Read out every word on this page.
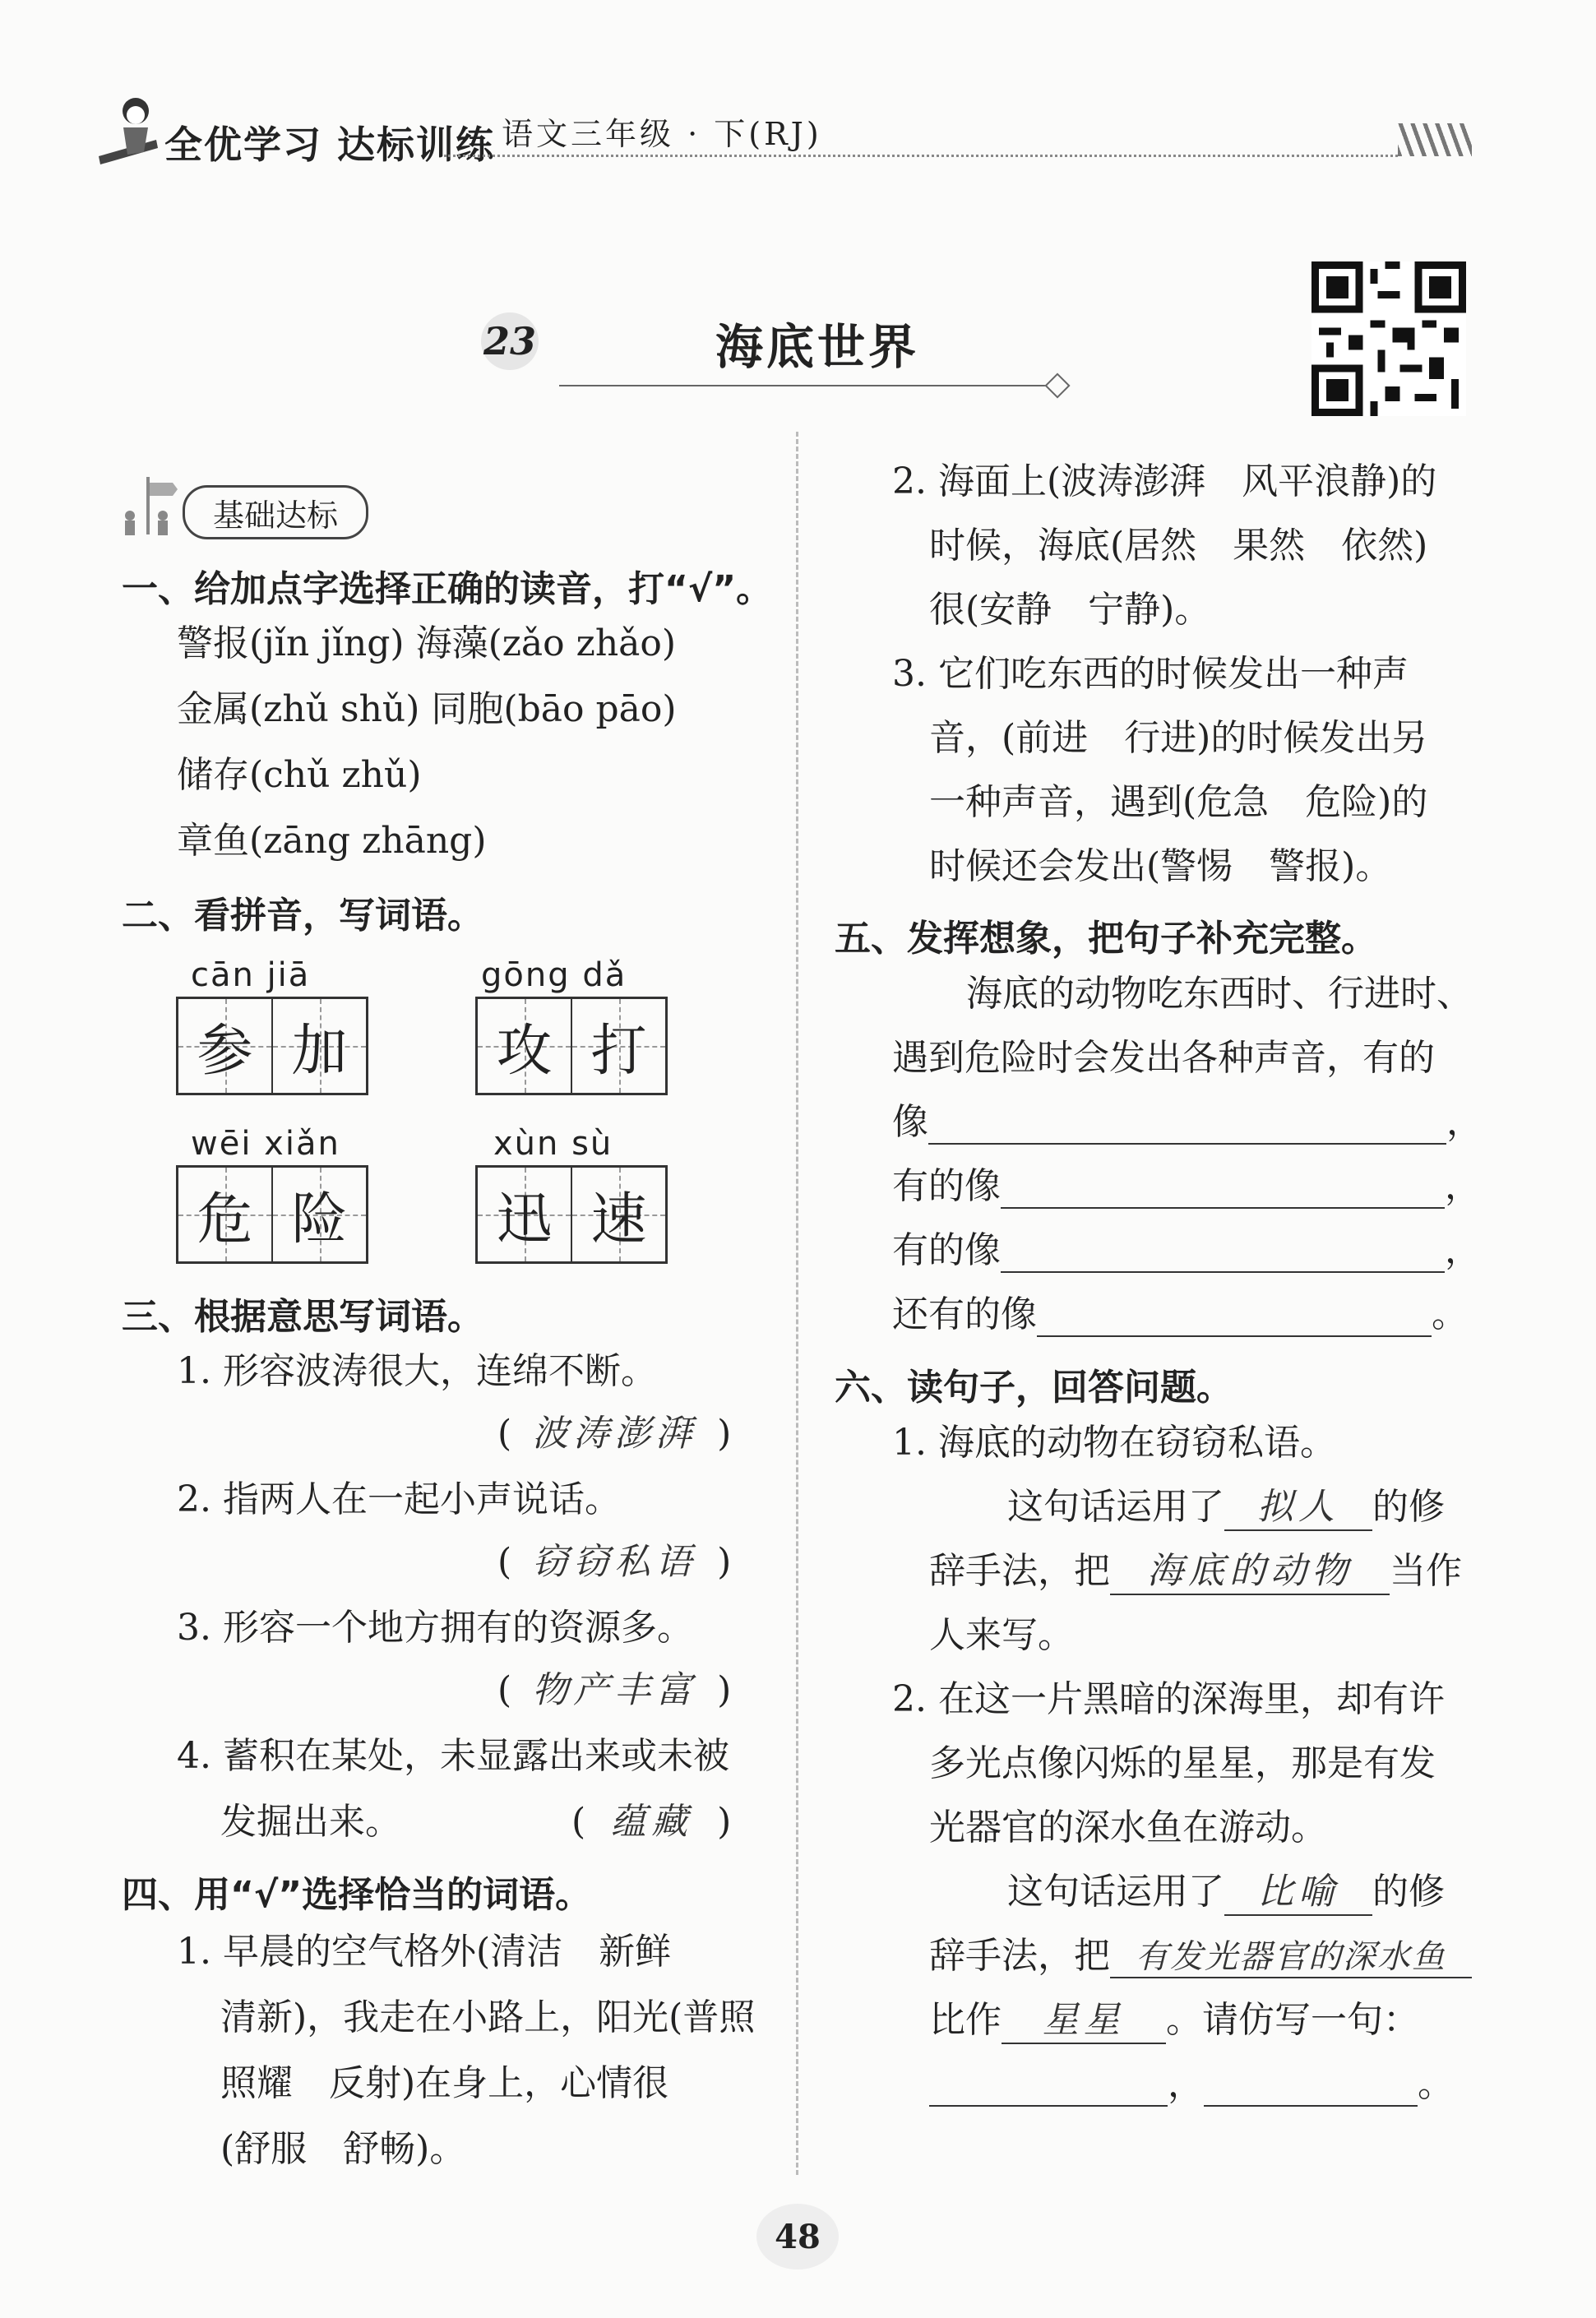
全优学习 达标训练 语文三年级 · 下(RJ)
23	海底世界
基础达标
一、给加点字选择正确的读音，打“√”。
警报(jǐn jǐng) 海藻(zǎo zhǎo)
金属(zhǔ shǔ) 同胞(bāo pāo)
储存(chǔ zhǔ)
章鱼(zāng zhāng)
二、看拼音，写词语。
cān jiā
参 加
gōng dǎ
攻 打
wēi xiǎn
危 险
xùn sù
迅 速
三、根据意思写词语。
1. 形容波涛很大，连绵不断。
( 波涛澎湃 )
2. 指两人在一起小声说话。
( 窃窃私语 )
3. 形容一个地方拥有的资源多。
( 物产丰富 )
4. 蓄积在某处，未显露出来或未被
发掘出来。	( 蕴藏 )
四、用“√”选择恰当的词语。
1. 早晨的空气格外(清洁　新鲜
清新)，我走在小路上，阳光(普照
照耀　反射)在身上，心情很
(舒服　舒畅)。
2. 海面上(波涛澎湃　风平浪静)的
时候，海底(居然　果然　依然)
很(安静　宁静)。
3. 它们吃东西的时候发出一种声
音，(前进　行进)的时候发出另
一种声音，遇到(危急　危险)的
时候还会发出(警惕　警报)。
五、发挥想象，把句子补充完整。
海底的动物吃东西时、行进时、
遇到危险时会发出各种声音，有的
像	，
有的像	，
有的像	，
还有的像	。
六、读句子，回答问题。
1. 海底的动物在窃窃私语。
这句话运用了 拟人 的修
辞手法，把 海底的动物 当作
人来写。
2. 在这一片黑暗的深海里，却有许
多光点像闪烁的星星，那是有发
光器官的深水鱼在游动。
这句话运用了 比喻 的修
辞手法，把 有发光器官的深水鱼
比作 星星 。请仿写一句：
，	。
48
